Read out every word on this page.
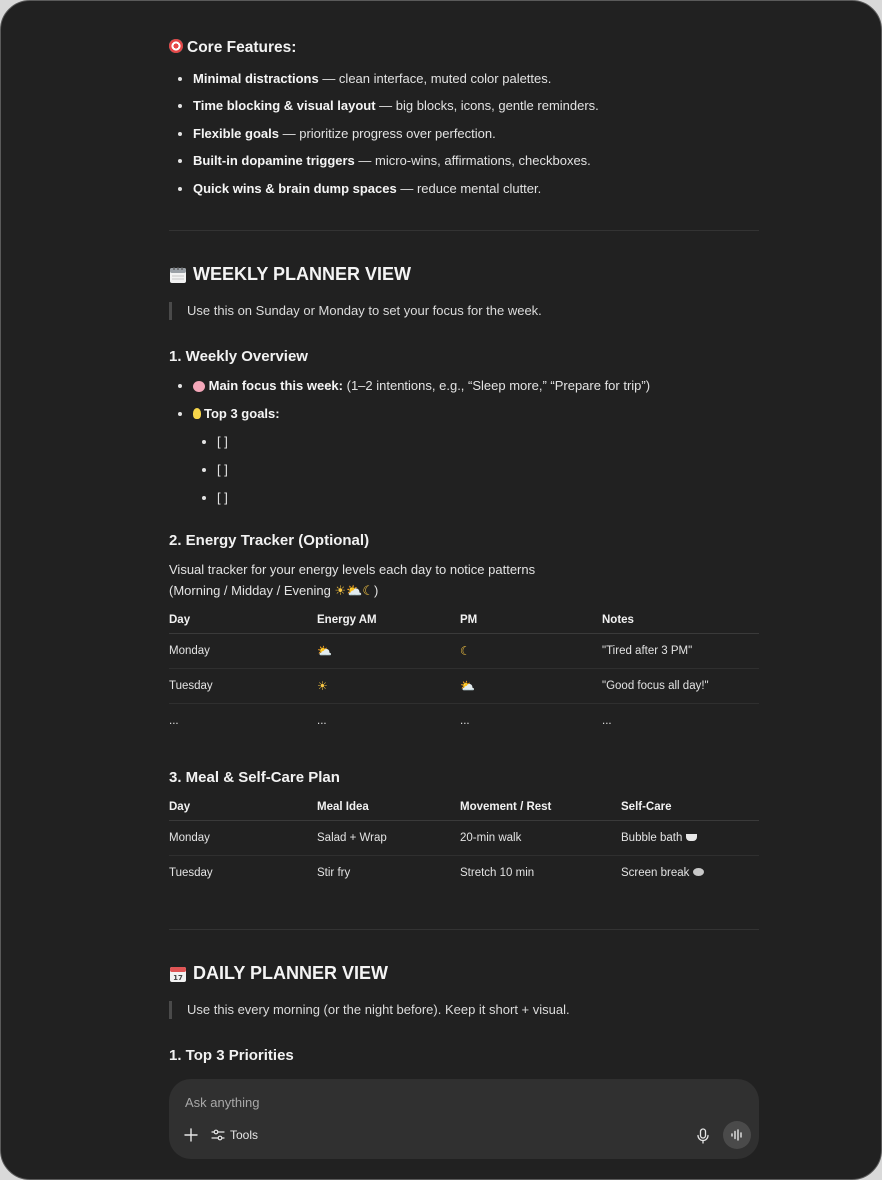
Core Features:
Minimal distractions — clean interface, muted color palettes.
Time blocking & visual layout — big blocks, icons, gentle reminders.
Flexible goals — prioritize progress over perfection.
Built-in dopamine triggers — micro-wins, affirmations, checkboxes.
Quick wins & brain dump spaces — reduce mental clutter.
WEEKLY PLANNER VIEW
Use this on Sunday or Monday to set your focus for the week.
1. Weekly Overview
Main focus this week: (1–2 intentions, e.g., “Sleep more,” “Prepare for trip”)
Top 3 goals:
[ ]
[ ]
[ ]
2. Energy Tracker (Optional)
Visual tracker for your energy levels each day to notice patterns
(Morning / Midday / Evening ☀⛅☾)
Day	Energy AM	PM	Notes
Monday	⛅	☾	"Tired after 3 PM"
Tuesday	☀	⛅	"Good focus all day!"
...	...	...	...
3. Meal & Self-Care Plan
Day	Meal Idea	Movement / Rest	Self-Care
Monday	Salad + Wrap	20-min walk	Bubble bath
Tuesday	Stir fry	Stretch 10 min	Screen break
17 DAILY PLANNER VIEW
Use this every morning (or the night before). Keep it short + visual.
1. Top 3 Priorities
Ask anything
Tools
